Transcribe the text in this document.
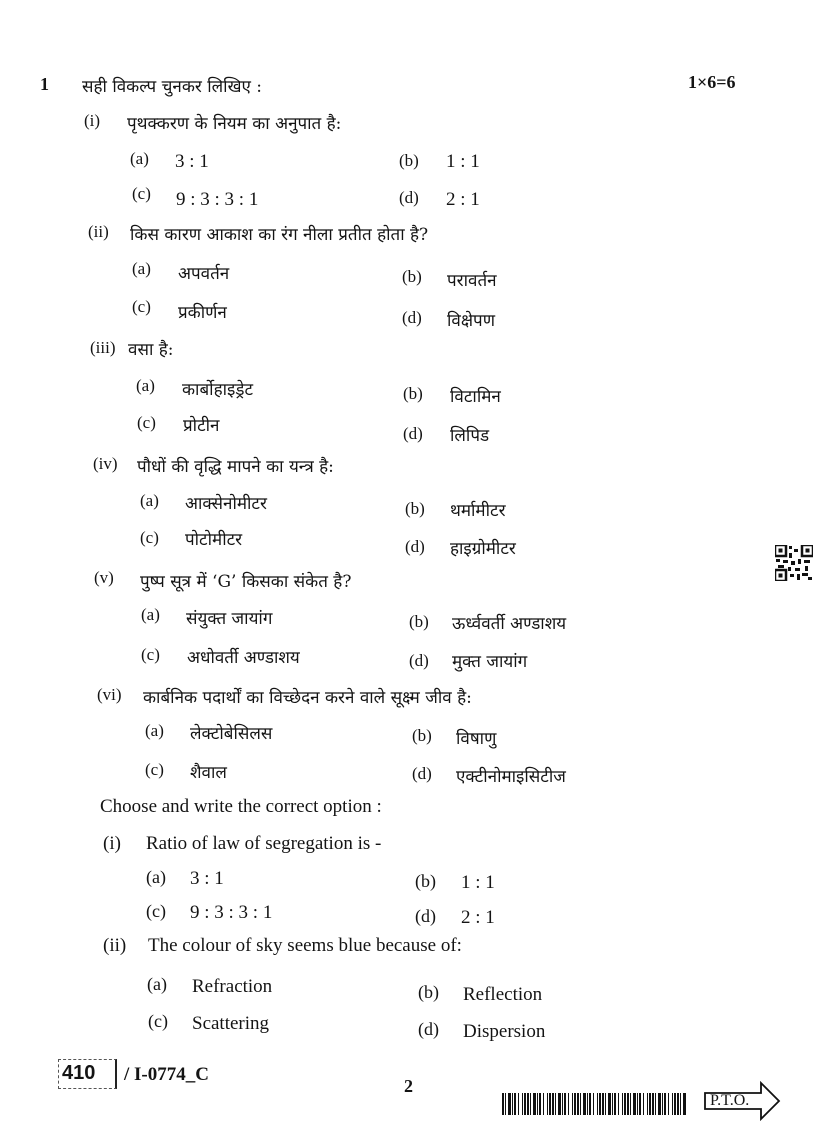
1 सही विकल्प चुनकर लिखिए :	1×6=6
(i) पृथक्करण के नियम का अनुपात है:
(a) 3 : 1	(b) 1 : 1
(c) 9 : 3 : 3 : 1	(d) 2 : 1
(ii) किस कारण आकाश का रंग नीला प्रतीत होता है?
(a) अपवर्तन	(b) परावर्तन
(c) प्रकीर्णन	(d) विक्षेपण
(iii) वसा है:
(a) कार्बोहाइड्रेट	(b) विटामिन
(c) प्रोटीन	(d) लिपिड
(iv) पौधों की वृद्धि मापने का यन्त्र है:
(a) आक्सेनोमीटर	(b) थर्मामीटर
(c) पोटोमीटर	(d) हाइग्रोमीटर
(v) पुष्प सूत्र में ‘G’ किसका संकेत है?
(a) संयुक्त जायांग	(b) ऊर्ध्ववर्ती अण्डाशय
(c) अधोवर्ती अण्डाशय	(d) मुक्त जायांग
(vi) कार्बनिक पदार्थों का विच्छेदन करने वाले सूक्ष्म जीव है:
(a) लेक्टोबेसिलस	(b) विषाणु
(c) शैवाल	(d) एक्टीनोमाइसिटीज
Choose and write the correct option :
(i) Ratio of law of segregation is -
(a) 3 : 1	(b) 1 : 1
(c) 9 : 3 : 3 : 1	(d) 2 : 1
(ii) The colour of sky seems blue because of:
(a) Refraction	(b) Reflection
(c) Scattering	(d) Dispersion
410 / I-0774_C
2
P.T.O.
